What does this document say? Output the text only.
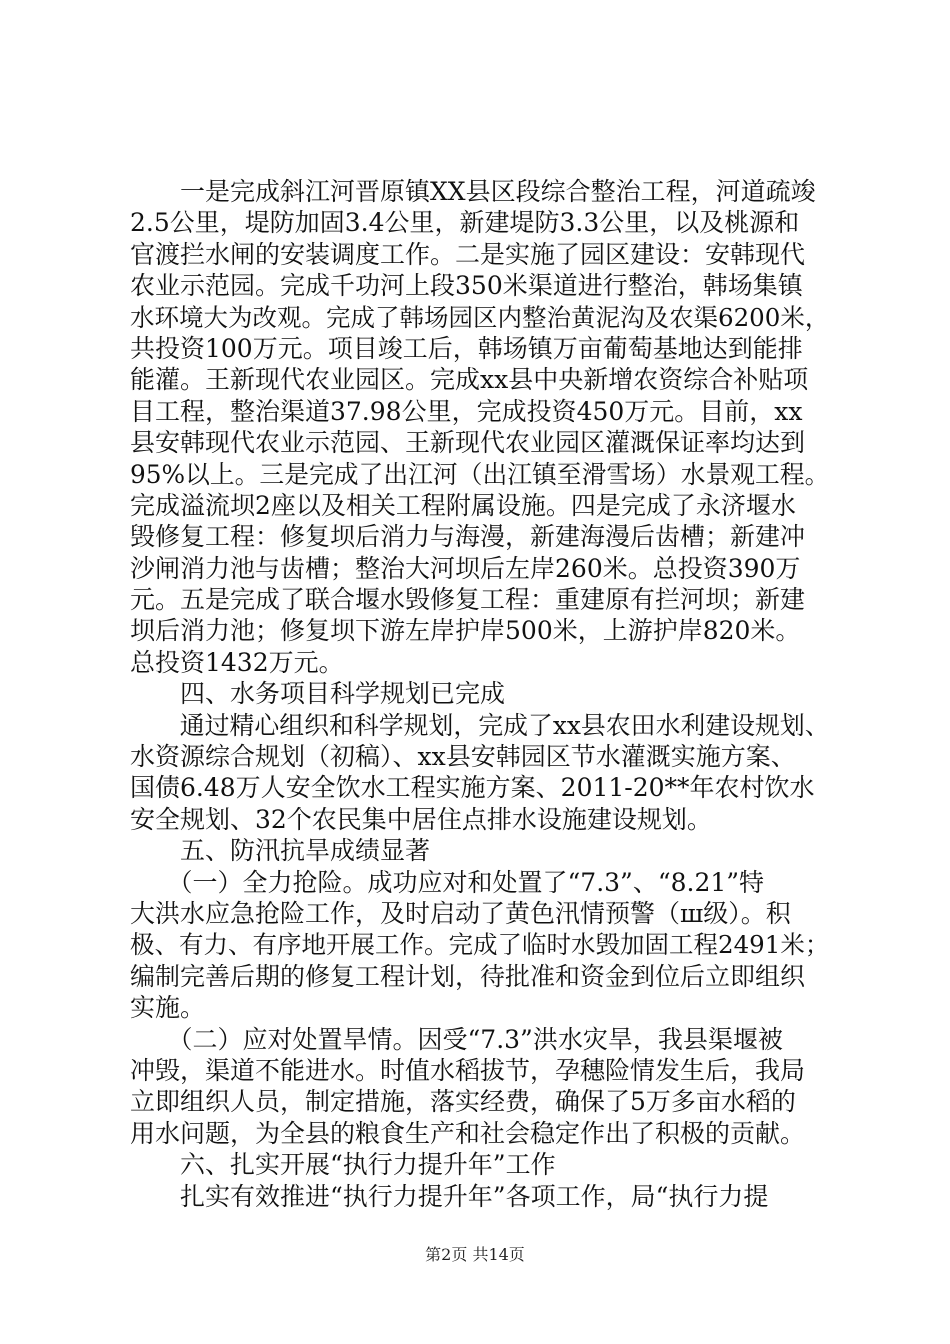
　　一是完成斜江河晋原镇XX县区段综合整治工程，河道疏竣
2.5公里，堤防加固3.4公里，新建堤防3.3公里，以及桃源和
官渡拦水闸的安装调度工作。二是实施了园区建设：安韩现代
农业示范园。完成千功河上段350米渠道进行整治，韩场集镇
水环境大为改观。完成了韩场园区内整治黄泥沟及农渠6200米，
共投资100万元。项目竣工后，韩场镇万亩葡萄基地达到能排
能灌。王新现代农业园区。完成xx县中央新增农资综合补贴项
目工程，整治渠道37.98公里，完成投资450万元。目前，xx
县安韩现代农业示范园、王新现代农业园区灌溉保证率均达到
95%以上。三是完成了出江河（出江镇至滑雪场）水景观工程。
完成溢流坝2座以及相关工程附属设施。四是完成了永济堰水
毁修复工程：修复坝后消力与海漫，新建海漫后齿槽；新建冲
沙闸消力池与齿槽；整治大河坝后左岸260米。总投资390万
元。五是完成了联合堰水毁修复工程：重建原有拦河坝；新建
坝后消力池；修复坝下游左岸护岸500米，上游护岸820米。
总投资1432万元。
　　四、水务项目科学规划已完成
　　通过精心组织和科学规划，完成了xx县农田水利建设规划、
水资源综合规划（初稿）、xx县安韩园区节水灌溉实施方案、
国债6.48万人安全饮水工程实施方案、2011-20**年农村饮水
安全规划、32个农民集中居住点排水设施建设规划。
　　五、防汛抗旱成绩显著
　　（一）全力抢险。成功应对和处置了“7.3”、“8.21”特
大洪水应急抢险工作，及时启动了黄色汛情预警（ш级）。积
极、有力、有序地开展工作。完成了临时水毁加固工程2491米；
编制完善后期的修复工程计划，待批准和资金到位后立即组织
实施。
　　（二）应对处置旱情。因受“7.3”洪水灾旱，我县渠堰被
冲毁，渠道不能进水。时值水稻拔节，孕穗险情发生后，我局
立即组织人员，制定措施，落实经费，确保了5万多亩水稻的
用水问题，为全县的粮食生产和社会稳定作出了积极的贡献。
　　六、扎实开展“执行力提升年”工作
　　扎实有效推进“执行力提升年”各项工作，局“执行力提
第2页 共14页
